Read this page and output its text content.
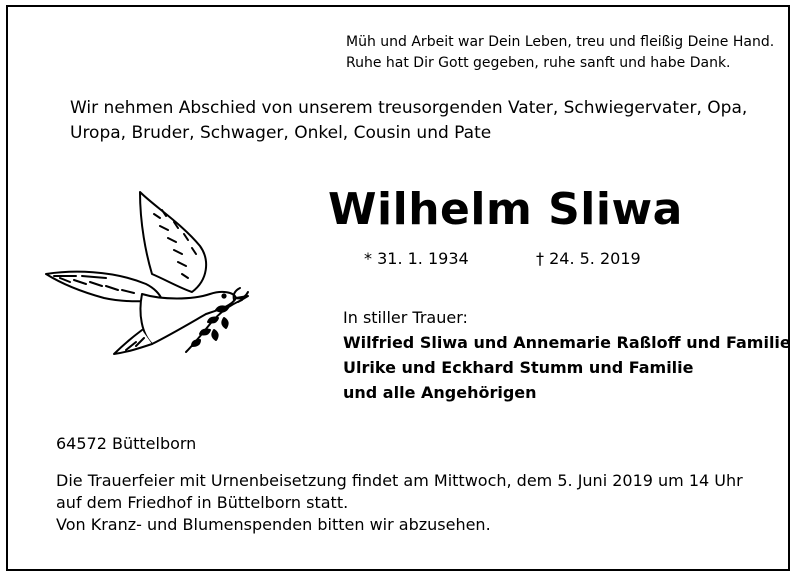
Müh und Arbeit war Dein Leben, treu und fleißig Deine Hand.
Ruhe hat Dir Gott gegeben, ruhe sanft und habe Dank.
Wir nehmen Abschied von unserem treusorgenden Vater, Schwiegervater, Opa,
Uropa, Bruder, Schwager, Onkel, Cousin und Pate
Wilhelm Sliwa
* 31. 1. 1934	† 24. 5. 2019
In stiller Trauer:
Wilfried Sliwa und Annemarie Raßloff und Familie
Ulrike und Eckhard Stumm und Familie
und alle Angehörigen
64572 Büttelborn
Die Trauerfeier mit Urnenbeisetzung findet am Mittwoch, dem 5. Juni 2019 um 14 Uhr
auf dem Friedhof in Büttelborn statt.
Von Kranz- und Blumenspenden bitten wir abzusehen.
